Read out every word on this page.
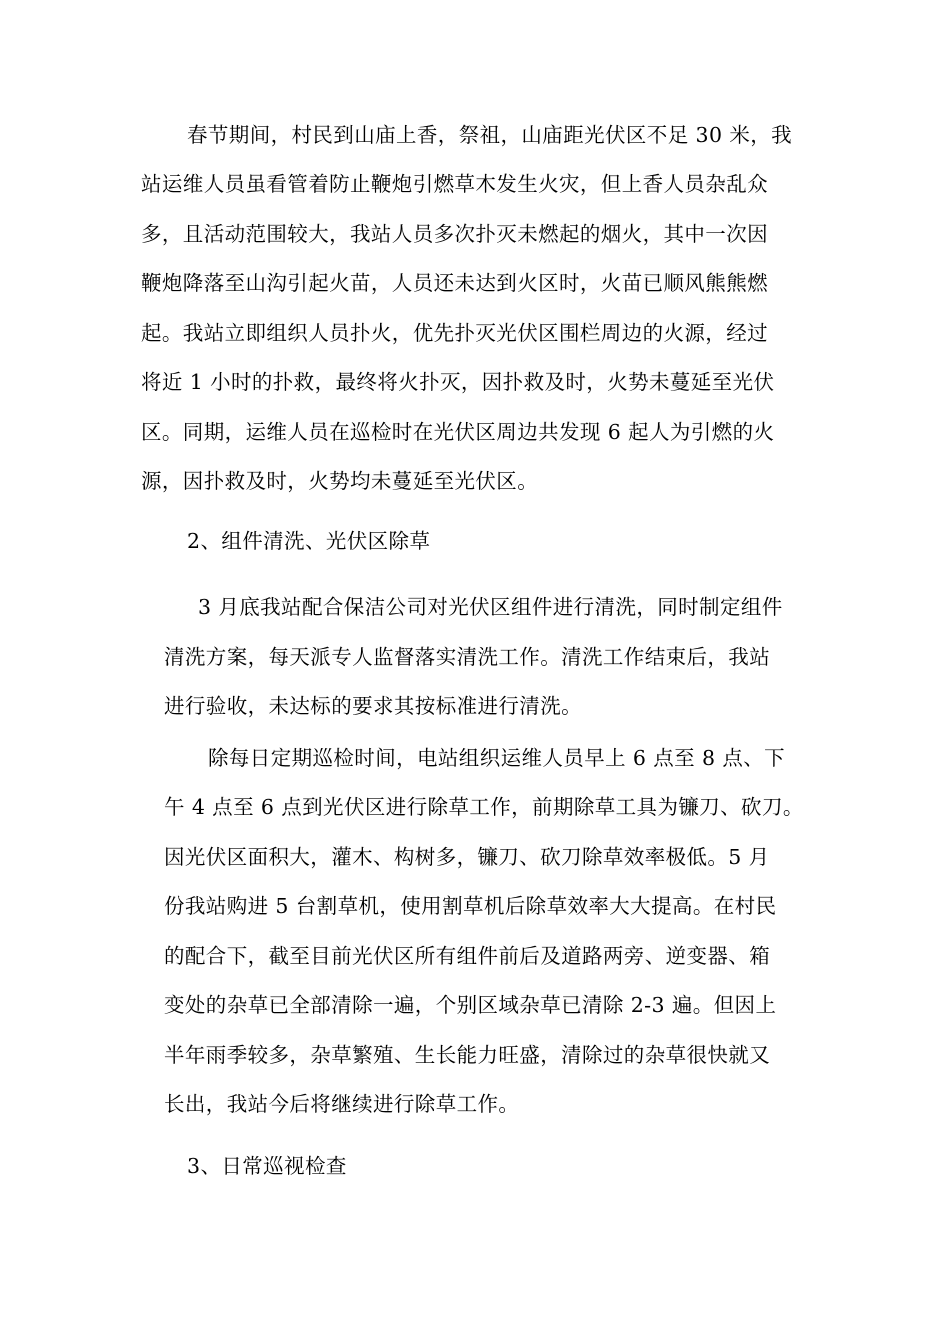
春节期间，村民到山庙上香，祭祖，山庙距光伏区不足 30 米，我

站运维人员虽看管着防止鞭炮引燃草木发生火灾，但上香人员杂乱众

多，且活动范围较大，我站人员多次扑灭未燃起的烟火，其中一次因

鞭炮降落至山沟引起火苗，人员还未达到火区时，火苗已顺风熊熊燃

起。我站立即组织人员扑火，优先扑灭光伏区围栏周边的火源，经过

将近 1 小时的扑救，最终将火扑灭，因扑救及时，火势未蔓延至光伏

区。同期，运维人员在巡检时在光伏区周边共发现 6 起人为引燃的火

源，因扑救及时，火势均未蔓延至光伏区。

2、组件清洗、光伏区除草

3 月底我站配合保洁公司对光伏区组件进行清洗，同时制定组件

清洗方案，每天派专人监督落实清洗工作。清洗工作结束后，我站

进行验收，未达标的要求其按标准进行清洗。

除每日定期巡检时间，电站组织运维人员早上 6 点至 8 点、下

午 4 点至 6 点到光伏区进行除草工作，前期除草工具为镰刀、砍刀。

因光伏区面积大，灌木、构树多，镰刀、砍刀除草效率极低。5 月

份我站购进 5 台割草机，使用割草机后除草效率大大提高。在村民

的配合下，截至目前光伏区所有组件前后及道路两旁、逆变器、箱

变处的杂草已全部清除一遍，个别区域杂草已清除 2-3 遍。但因上

半年雨季较多，杂草繁殖、生长能力旺盛，清除过的杂草很快就又

长出，我站今后将继续进行除草工作。

3、日常巡视检查
